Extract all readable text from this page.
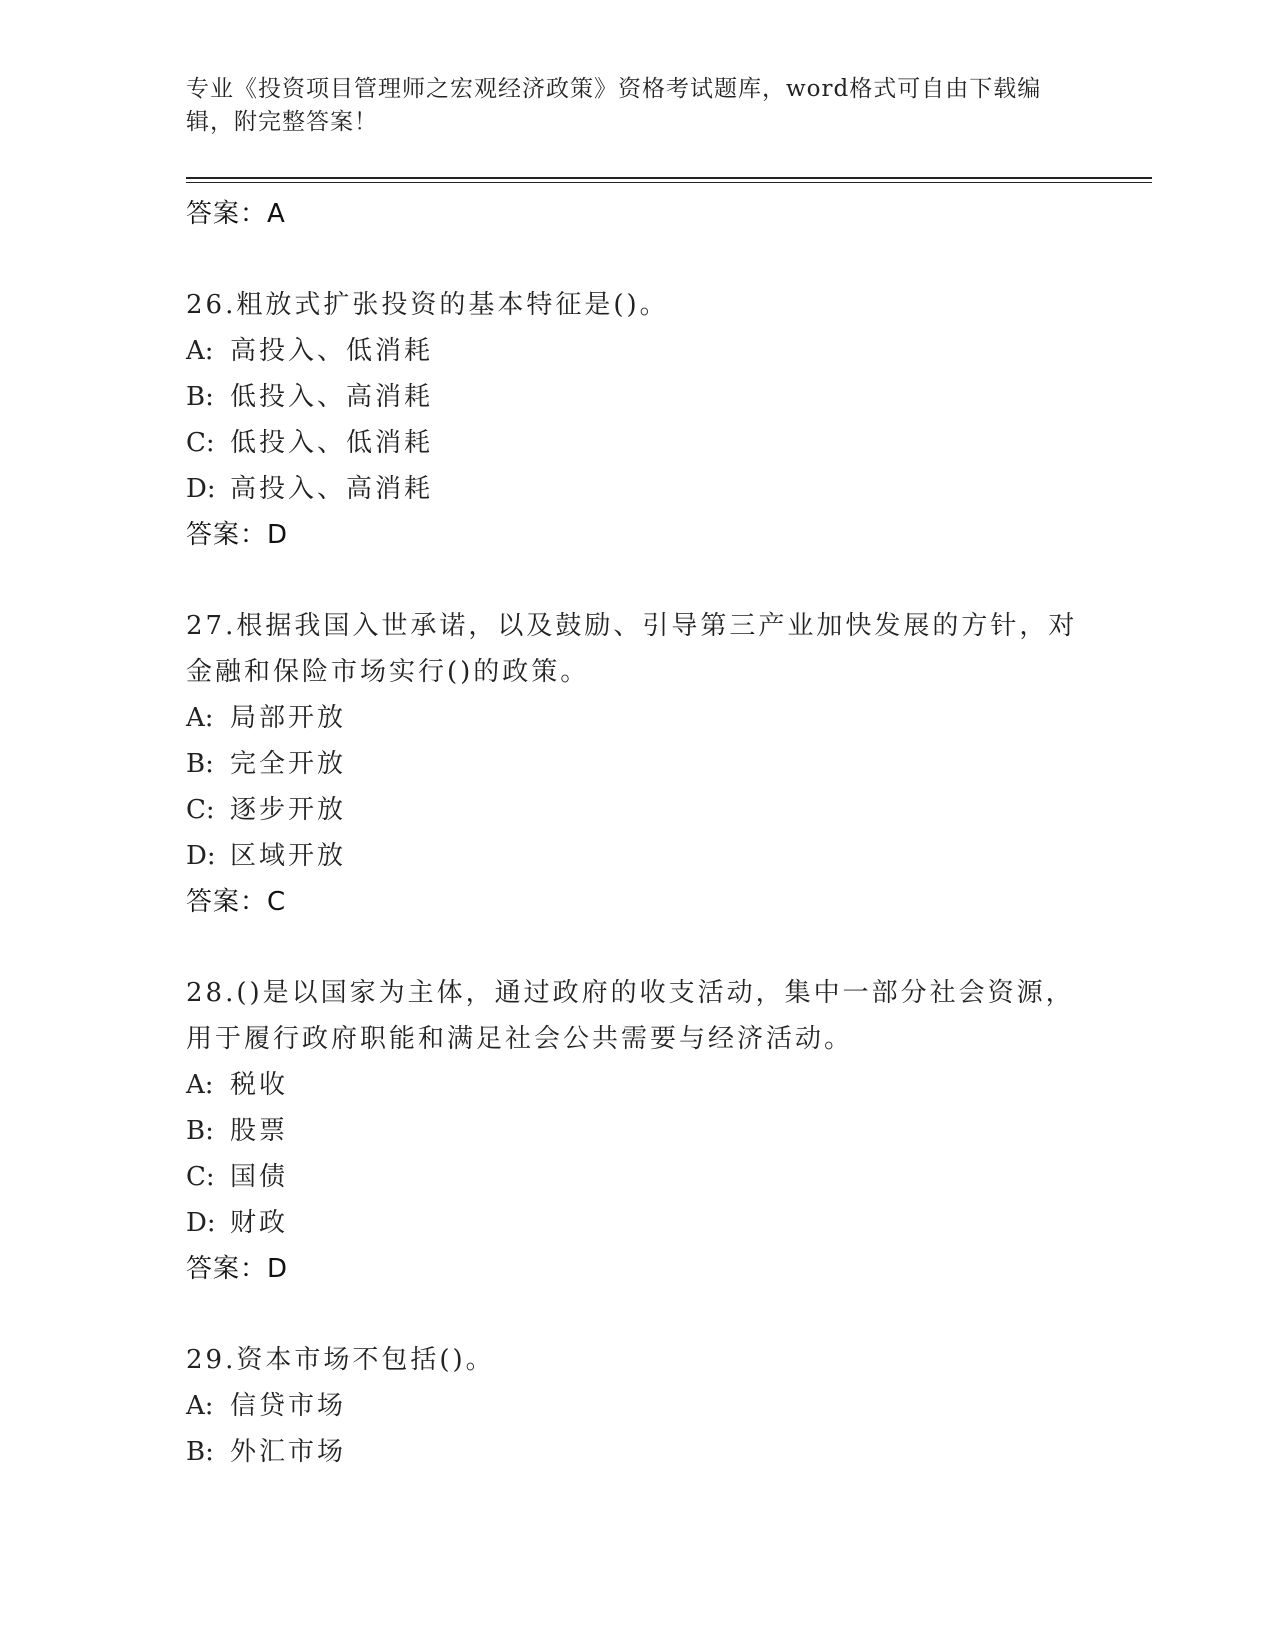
专业《投资项目管理师之宏观经济政策》资格考试题库，word格式可自由下载编辑，附完整答案！
答案：A
26.粗放式扩张投资的基本特征是()。
A: 高投入、低消耗
B: 低投入、高消耗
C: 低投入、低消耗
D: 高投入、高消耗
答案：D
27.根据我国入世承诺，以及鼓励、引导第三产业加快发展的方针，对金融和保险市场实行()的政策。
A: 局部开放
B: 完全开放
C: 逐步开放
D: 区域开放
答案：C
28.()是以国家为主体，通过政府的收支活动，集中一部分社会资源，用于履行政府职能和满足社会公共需要与经济活动。
A: 税收
B: 股票
C: 国债
D: 财政
答案：D
29.资本市场不包括()。
A: 信贷市场
B: 外汇市场
